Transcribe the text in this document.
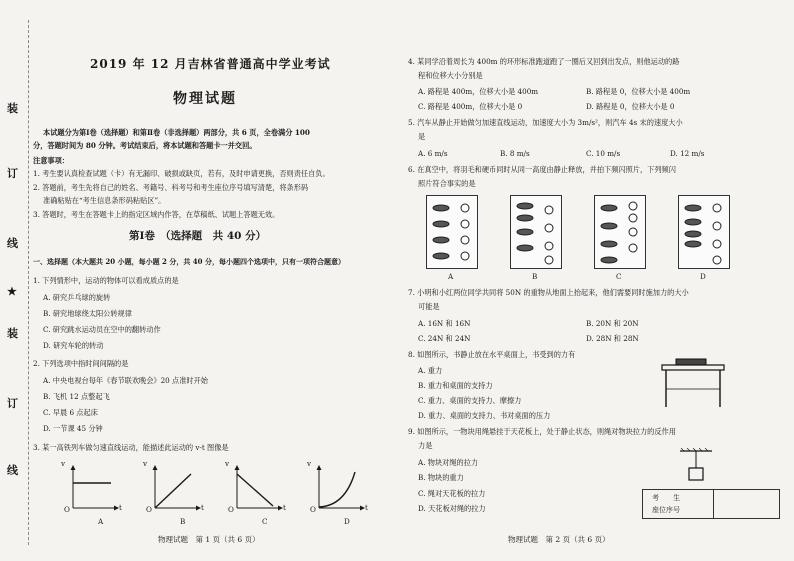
装
订
线
★
装
订
线
2019 年 12 月吉林省普通高中学业考试
物理试题
本试题分为第Ⅰ卷（选择题）和第Ⅱ卷（非选择题）两部分，共 6 页，全卷满分 100
分，答题时间为 80 分钟。考试结束后，将本试题和答题卡一并交回。
注意事项：
1. 考生要认真检查试题（卡）有无漏印、破损或缺页，若有，及时申请更换，否则责任自负。
2. 答题前，考生先将自己的姓名、考籍号、科考号和考生座位序号填写清楚，将条形码
准确粘贴在“考生信息条形码粘贴区”。
3. 答题时，考生在答题卡上的指定区域内作答，在草稿纸、试题上答题无效。
第Ⅰ卷　（选择题　共 40 分）
一、选择题（本大题共 20 小题，每小题 2 分，共 40 分，每小题四个选项中，只有一项符合题意）
1. 下列情形中，运动的物体可以看成质点的是
A. 研究乒乓球的旋转
B. 研究地球绕太阳公转规律
C. 研究跳水运动员在空中的翻转动作
D. 研究车轮的转动
2. 下列选项中指时间间隔的是
A. 中央电视台每年《春节联欢晚会》20 点准时开始
B. 飞机 12 点整起飞
C. 早晨 6 点起床
D. 一节课 45 分钟
3. 某一高铁列车做匀速直线运动，能描述此运动的 v-t 图像是
v	v	v	v
O	O	O	O
t	t	t	t
A	B	C	D
物理试题　第 1 页（共 6 页）
4. 某同学沿着周长为 400m 的环形标准跑道跑了一圈后又回到出发点，则他运动的路
程和位移大小分别是
A. 路程是 400m，位移大小是 400m	B. 路程是 0，位移大小是 400m
C. 路程是 400m，位移大小是 0	D. 路程是 0，位移大小是 0
5. 汽车从静止开始做匀加速直线运动，加速度大小为 3m/s²，则汽车 4s 末的速度大小
是
A. 6 m/s	B. 8 m/s	C. 10 m/s	D. 12 m/s
6. 在真空中，将羽毛和硬币同时从同一高度由静止释放，并拍下频闪照片，下列频闪
照片符合事实的是
A	B	C	D
7. 小明和小红两位同学共同将 50N 的重物从地面上抬起来，他们需要同时施加力的大小
可能是
A. 16N 和 16N	B. 20N 和 20N
C. 24N 和 24N	D. 28N 和 28N
8. 如图所示，书静止放在水平桌面上，书受到的力有
A. 重力
B. 重力和桌面的支持力
C. 重力、桌面的支持力、摩擦力
D. 重力、桌面的支持力、书对桌面的压力
9. 如图所示，一物块用绳悬挂于天花板上，处于静止状态，则绳对物块拉力的反作用
力是
A. 物块对绳的拉力
B. 物块的重力
C. 绳对天花板的拉力
D. 天花板对绳的拉力
考　　生
座位序号
物理试题　第 2 页（共 6 页）
